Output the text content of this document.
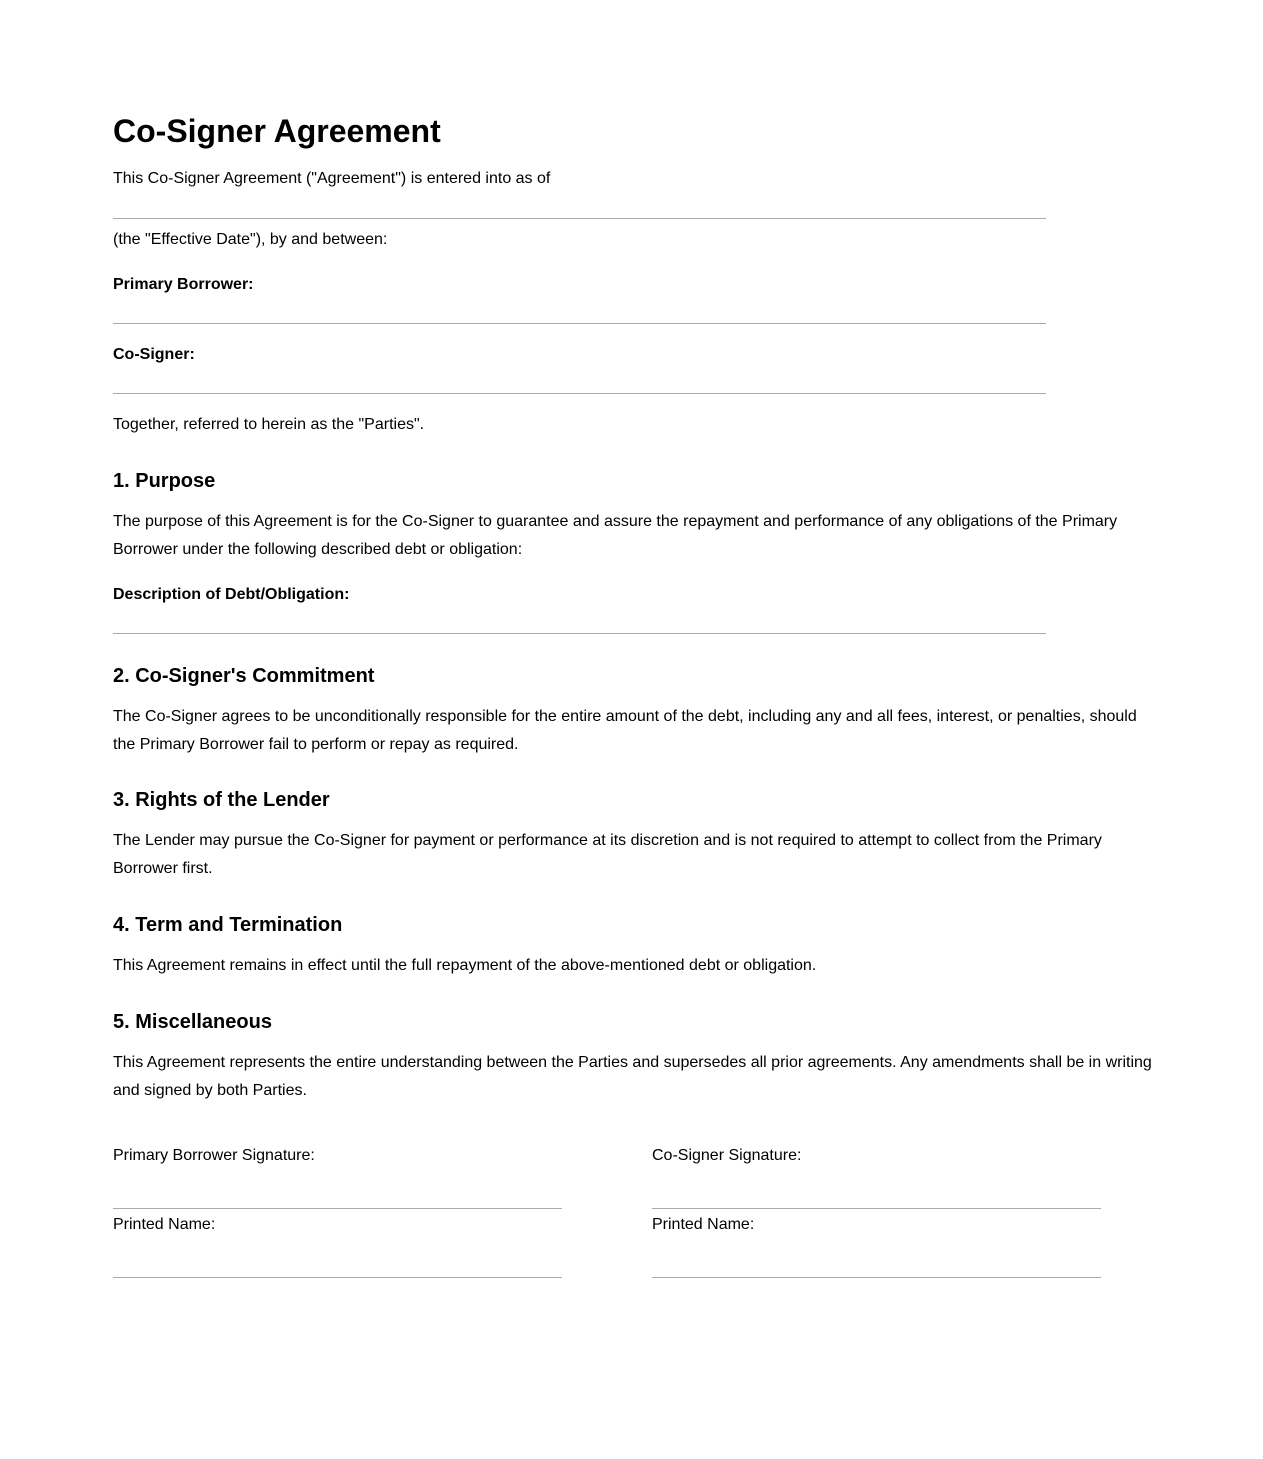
Co-Signer Agreement

This Co-Signer Agreement ("Agreement") is entered into as of

(the "Effective Date"), by and between:

Primary Borrower:

Co-Signer:

Together, referred to herein as the "Parties".

1. Purpose

The purpose of this Agreement is for the Co-Signer to guarantee and assure the repayment and performance of any obligations of the Primary Borrower under the following described debt or obligation:

Description of Debt/Obligation:

2. Co-Signer's Commitment

The Co-Signer agrees to be unconditionally responsible for the entire amount of the debt, including any and all fees, interest, or penalties, should the Primary Borrower fail to perform or repay as required.

3. Rights of the Lender

The Lender may pursue the Co-Signer for payment or performance at its discretion and is not required to attempt to collect from the Primary Borrower first.

4. Term and Termination

This Agreement remains in effect until the full repayment of the above-mentioned debt or obligation.

5. Miscellaneous

This Agreement represents the entire understanding between the Parties and supersedes all prior agreements. Any amendments shall be in writing and signed by both Parties.

Primary Borrower Signature:

Printed Name:

Co-Signer Signature:

Printed Name:
